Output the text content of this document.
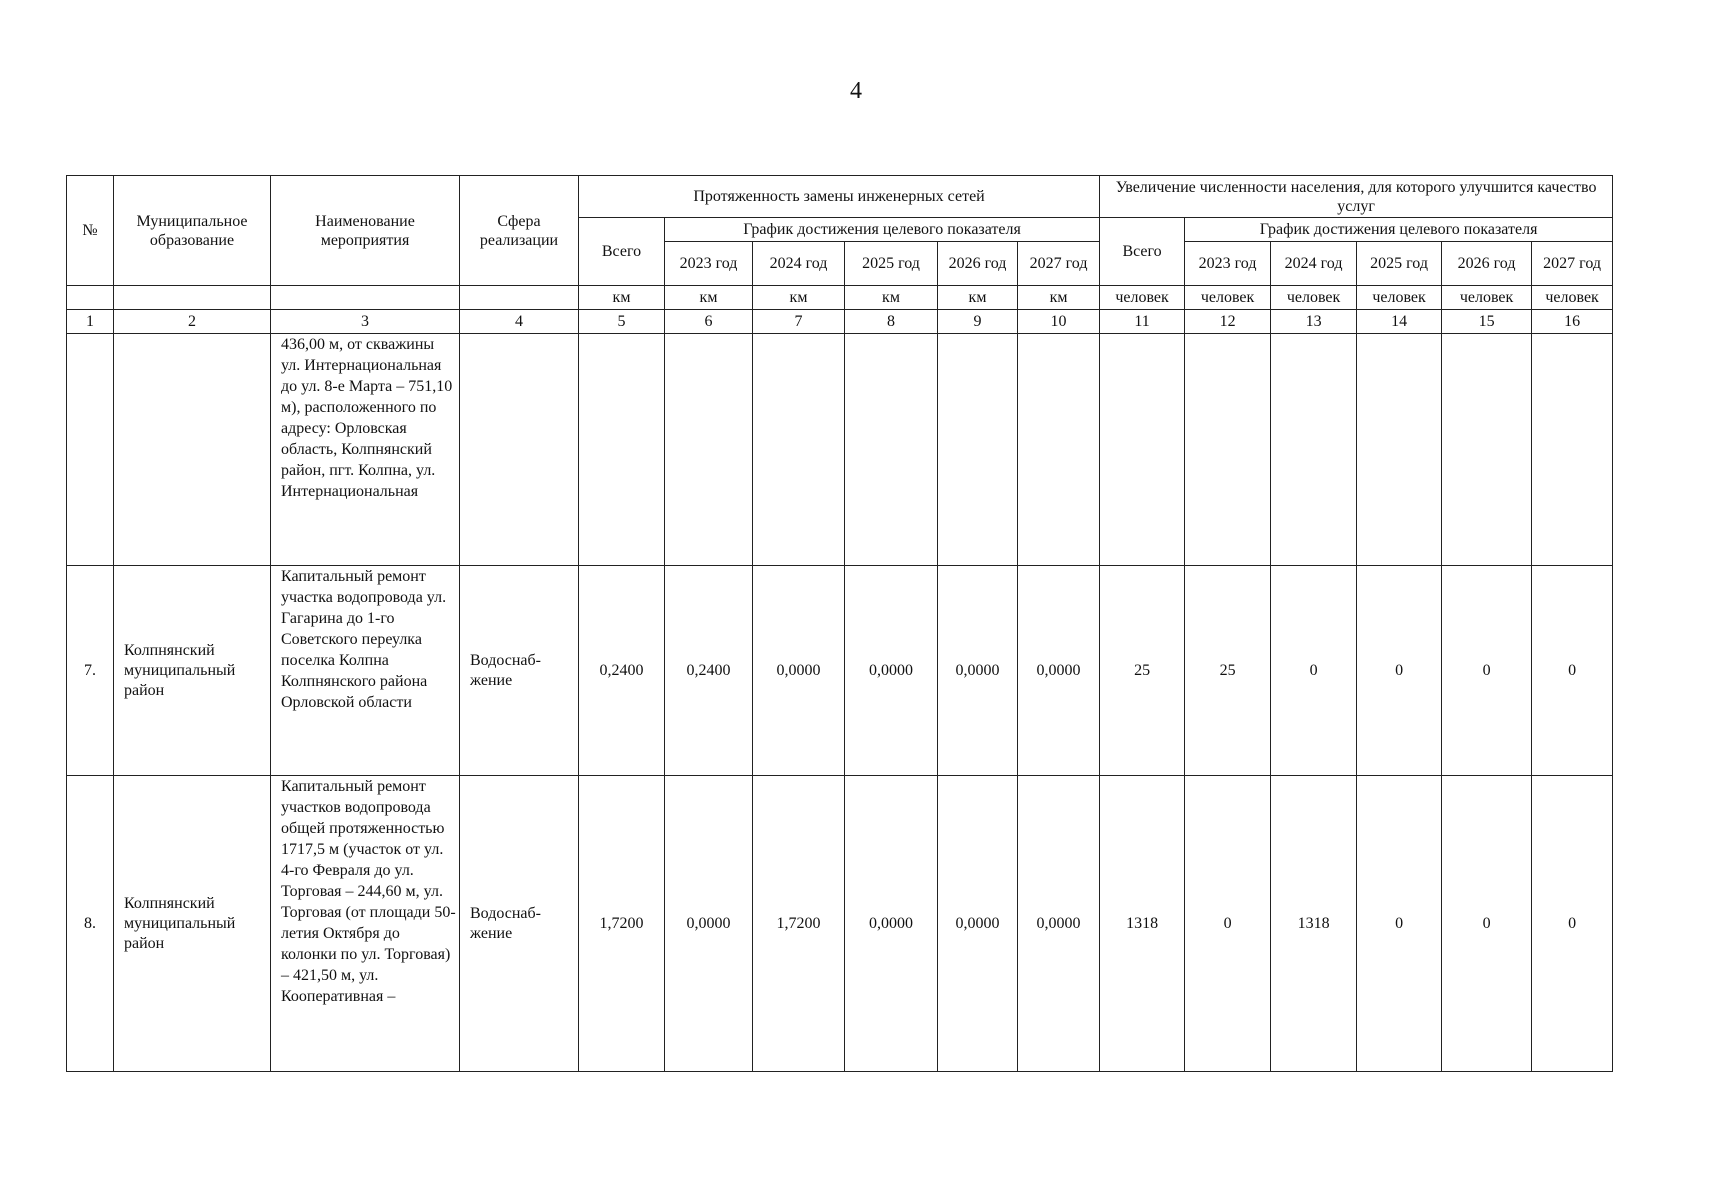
4
№	Муниципальное образование	Наименование мероприятия	Сфера реализации	Протяженность замены инженерных сетей						Увеличение численности населения, для которого улучшится качество услуг					
				Всего	График достижения целевого показателя					Всего	График достижения целевого показателя				
					2023 год	2024 год	2025 год	2026 год	2027 год		2023 год	2024 год	2025 год	2026 год	2027 год
				км	км	км	км	км	км	человек	человек	человек	человек	человек	человек
1	2	3	4	5	6	7	8	9	10	11	12	13	14	15	16
		436,00 м, от скважины ул. Интернациональная до ул. 8-е Марта – 751,10 м), расположенного по адресу: Орловская область, Колпнянский район, пгт. Колпна, ул. Интернациональная													
7.	Колпнянский муниципальный район	Капитальный ремонт участка водопровода ул. Гагарина до 1-го Советского переулка поселка Колпна Колпнянского района Орловской области	Водоснаб-жение	0,2400	0,2400	0,0000	0,0000	0,0000	0,0000	25	25	0	0	0	0
8.	Колпнянский муниципальный район	Капитальный ремонт участков водопровода общей протяженностью 1717,5 м (участок от ул. 4-го Февраля до ул. Торговая – 244,60 м, ул. Торговая (от площади 50-летия Октября до колонки по ул. Торговая) – 421,50 м, ул. Кооперативная –	Водоснаб-жение	1,7200	0,0000	1,7200	0,0000	0,0000	0,0000	1318	0	1318	0	0	0
